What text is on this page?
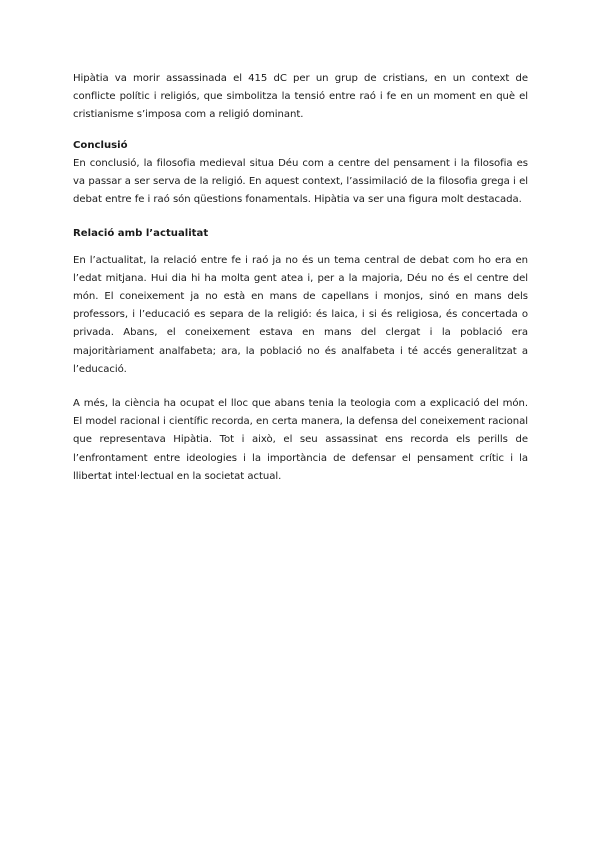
Hipàtia va morir assassinada el 415 dC per un grup de cristians, en un context de conflicte polític i religiós, que simbolitza la tensió entre raó i fe en un moment en què el cristianisme s’imposa com a religió dominant.

Conclusió

En conclusió, la filosofia medieval situa Déu com a centre del pensament i la filosofia es va passar a ser serva de la religió. En aquest context, l’assimilació de la filosofia grega i el debat entre fe i raó són qüestions fonamentals. Hipàtia va ser una figura molt destacada.

Relació amb l’actualitat

En l’actualitat, la relació entre fe i raó ja no és un tema central de debat com ho era en l’edat mitjana. Hui dia hi ha molta gent atea i, per a la majoria, Déu no és el centre del món. El coneixement ja no està en mans de capellans i monjos, sinó en mans dels professors, i l’educació es separa de la religió: és laica, i si és religiosa, és concertada o privada. Abans, el coneixement estava en mans del clergat i la població era majoritàriament analfabeta; ara, la població no és analfabeta i té accés generalitzat a l’educació.

A més, la ciència ha ocupat el lloc que abans tenia la teologia com a explicació del món. El model racional i científic recorda, en certa manera, la defensa del coneixement racional que representava Hipàtia. Tot i això, el seu assassinat ens recorda els perills de l’enfrontament entre ideologies i la importància de defensar el pensament crític i la llibertat intel·lectual en la societat actual.
